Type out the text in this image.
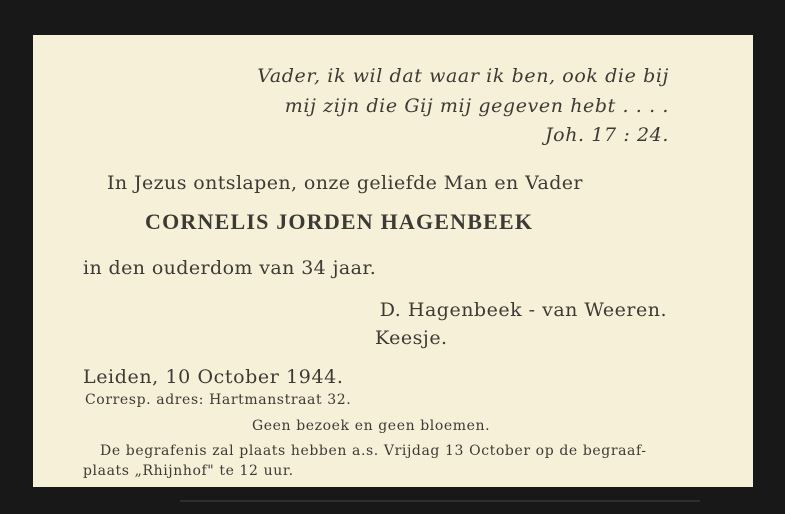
Vader, ik wil dat waar ik ben, ook die bij
mij zijn die Gij mij gegeven hebt . . . .
Joh. 17 : 24.
In Jezus ontslapen, onze geliefde Man en Vader
CORNELIS JORDEN HAGENBEEK
in den ouderdom van 34 jaar.
D. Hagenbeek - van Weeren.
Keesje.
Leiden, 10 October 1944.
Corresp. adres: Hartmanstraat 32.
Geen bezoek en geen bloemen.
De begrafenis zal plaats hebben a.s. Vrijdag 13 October op de begraaf-
plaats „Rhijnhof" te 12 uur.
